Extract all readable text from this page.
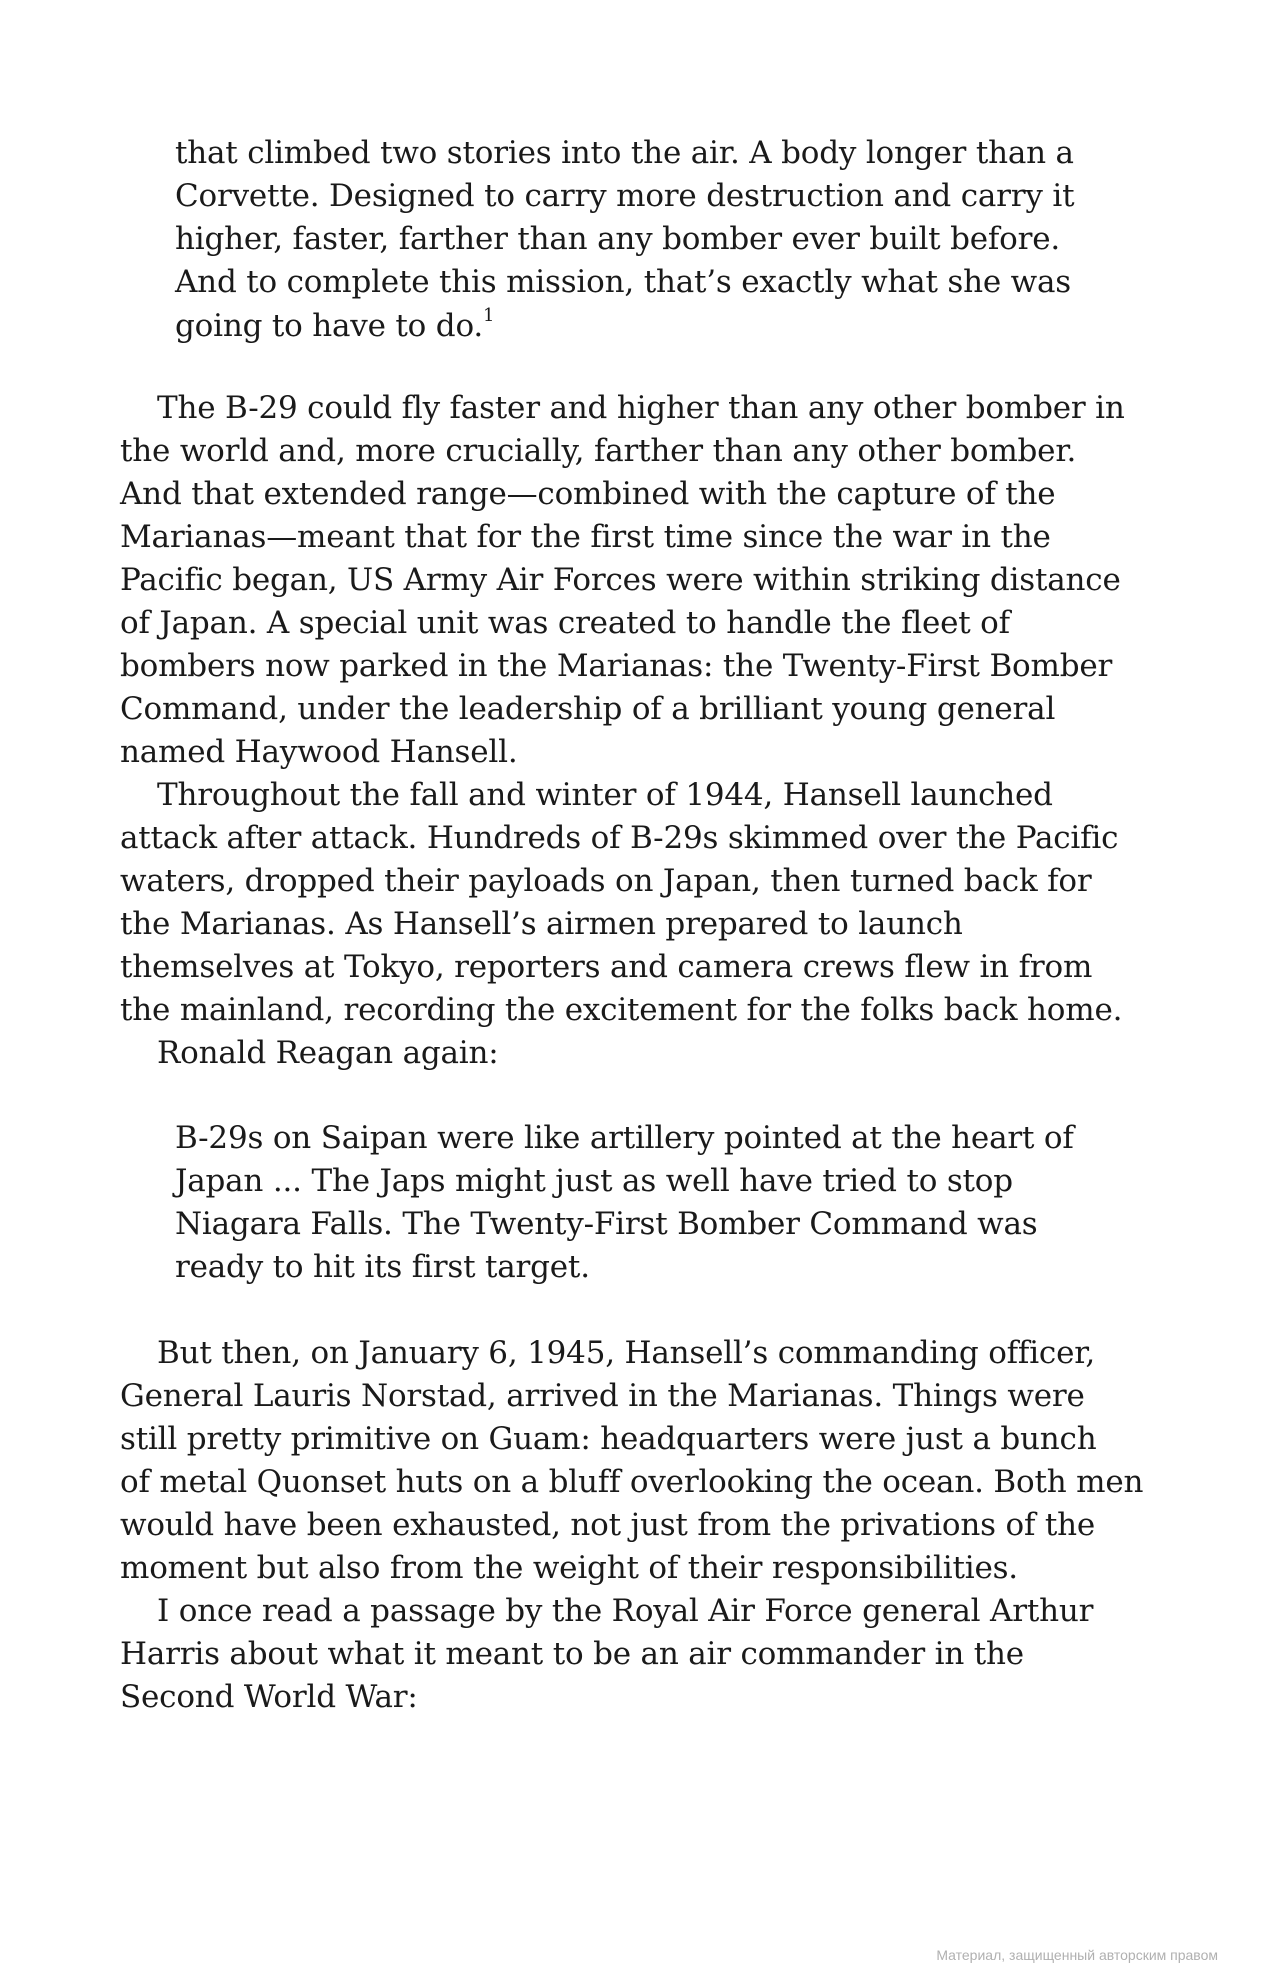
that climbed two stories into the air. A body longer than a
Corvette. Designed to carry more destruction and carry it
higher, faster, farther than any bomber ever built before.
And to complete this mission, that’s exactly what she was
going to have to do.$^1$
The B-29 could fly faster and higher than any other bomber in
the world and, more crucially, farther than any other bomber.
And that extended range—combined with the capture of the
Marianas—meant that for the first time since the war in the
Pacific began, US Army Air Forces were within striking distance
of Japan. A special unit was created to handle the fleet of
bombers now parked in the Marianas: the Twenty-First Bomber
Command, under the leadership of a brilliant young general
named Haywood Hansell.
Throughout the fall and winter of 1944, Hansell launched
attack after attack. Hundreds of B-29s skimmed over the Pacific
waters, dropped their payloads on Japan, then turned back for
the Marianas. As Hansell’s airmen prepared to launch
themselves at Tokyo, reporters and camera crews flew in from
the mainland, recording the excitement for the folks back home.
Ronald Reagan again:
B-29s on Saipan were like artillery pointed at the heart of
Japan ... The Japs might just as well have tried to stop
Niagara Falls. The Twenty-First Bomber Command was
ready to hit its first target.
But then, on January 6, 1945, Hansell’s commanding officer,
General Lauris Norstad, arrived in the Marianas. Things were
still pretty primitive on Guam: headquarters were just a bunch
of metal Quonset huts on a bluff overlooking the ocean. Both men
would have been exhausted, not just from the privations of the
moment but also from the weight of their responsibilities.
I once read a passage by the Royal Air Force general Arthur
Harris about what it meant to be an air commander in the
Second World War:
Материал, защищенный авторским правом
